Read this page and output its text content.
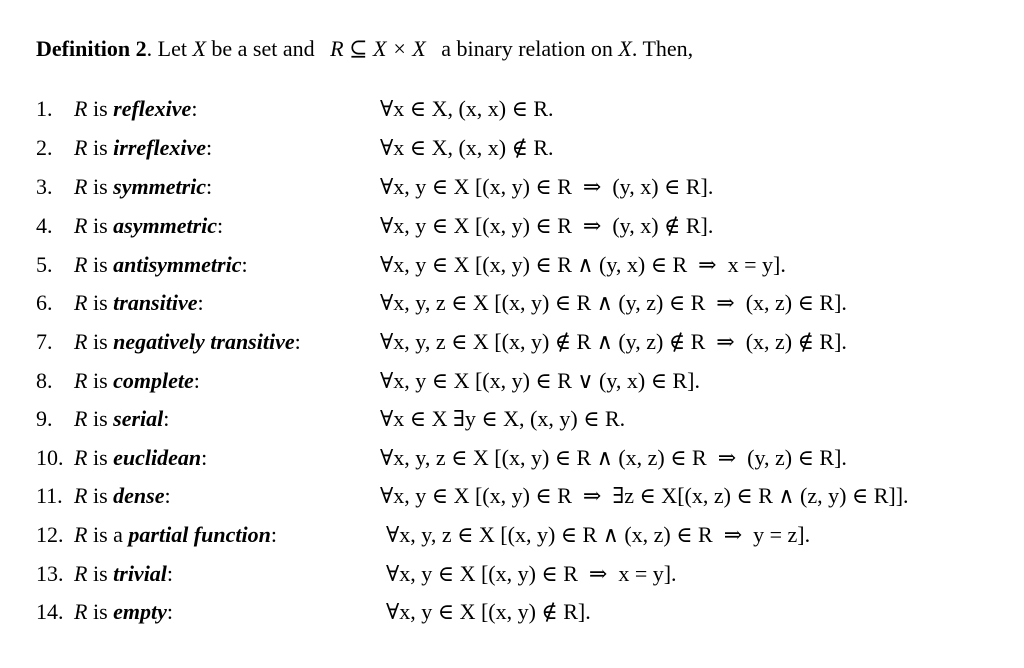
Definition 2. Let X be a set and R ⊆ X × X a binary relation on X. Then,
1. R is reflexive:	∀x ∈ X, (x, x) ∈ R.
2. R is irreflexive:	∀x ∈ X, (x, x) ∉ R.
3. R is symmetric:	∀x, y ∈ X [(x, y) ∈ R  ⇒  (y, x) ∈ R].
4. R is asymmetric:	∀x, y ∈ X [(x, y) ∈ R  ⇒  (y, x) ∉ R].
5. R is antisymmetric:	∀x, y ∈ X [(x, y) ∈ R ∧ (y, x) ∈ R  ⇒  x = y].
6. R is transitive:	∀x, y, z ∈ X [(x, y) ∈ R ∧ (y, z) ∈ R  ⇒  (x, z) ∈ R].
7. R is negatively transitive:	∀x, y, z ∈ X [(x, y) ∉ R ∧ (y, z) ∉ R  ⇒  (x, z) ∉ R].
8. R is complete:	∀x, y ∈ X [(x, y) ∈ R ∨ (y, x) ∈ R].
9. R is serial:	∀x ∈ X ∃y ∈ X, (x, y) ∈ R.
10. R is euclidean:	∀x, y, z ∈ X [(x, y) ∈ R ∧ (x, z) ∈ R  ⇒  (y, z) ∈ R].
11. R is dense:	∀x, y ∈ X [(x, y) ∈ R  ⇒  ∃z ∈ X[(x, z) ∈ R ∧ (z, y) ∈ R]].
12. R is a partial function:	∀x, y, z ∈ X [(x, y) ∈ R ∧ (x, z) ∈ R  ⇒  y = z].
13. R is trivial:	∀x, y ∈ X [(x, y) ∈ R  ⇒  x = y].
14. R is empty:	∀x, y ∈ X [(x, y) ∉ R].
